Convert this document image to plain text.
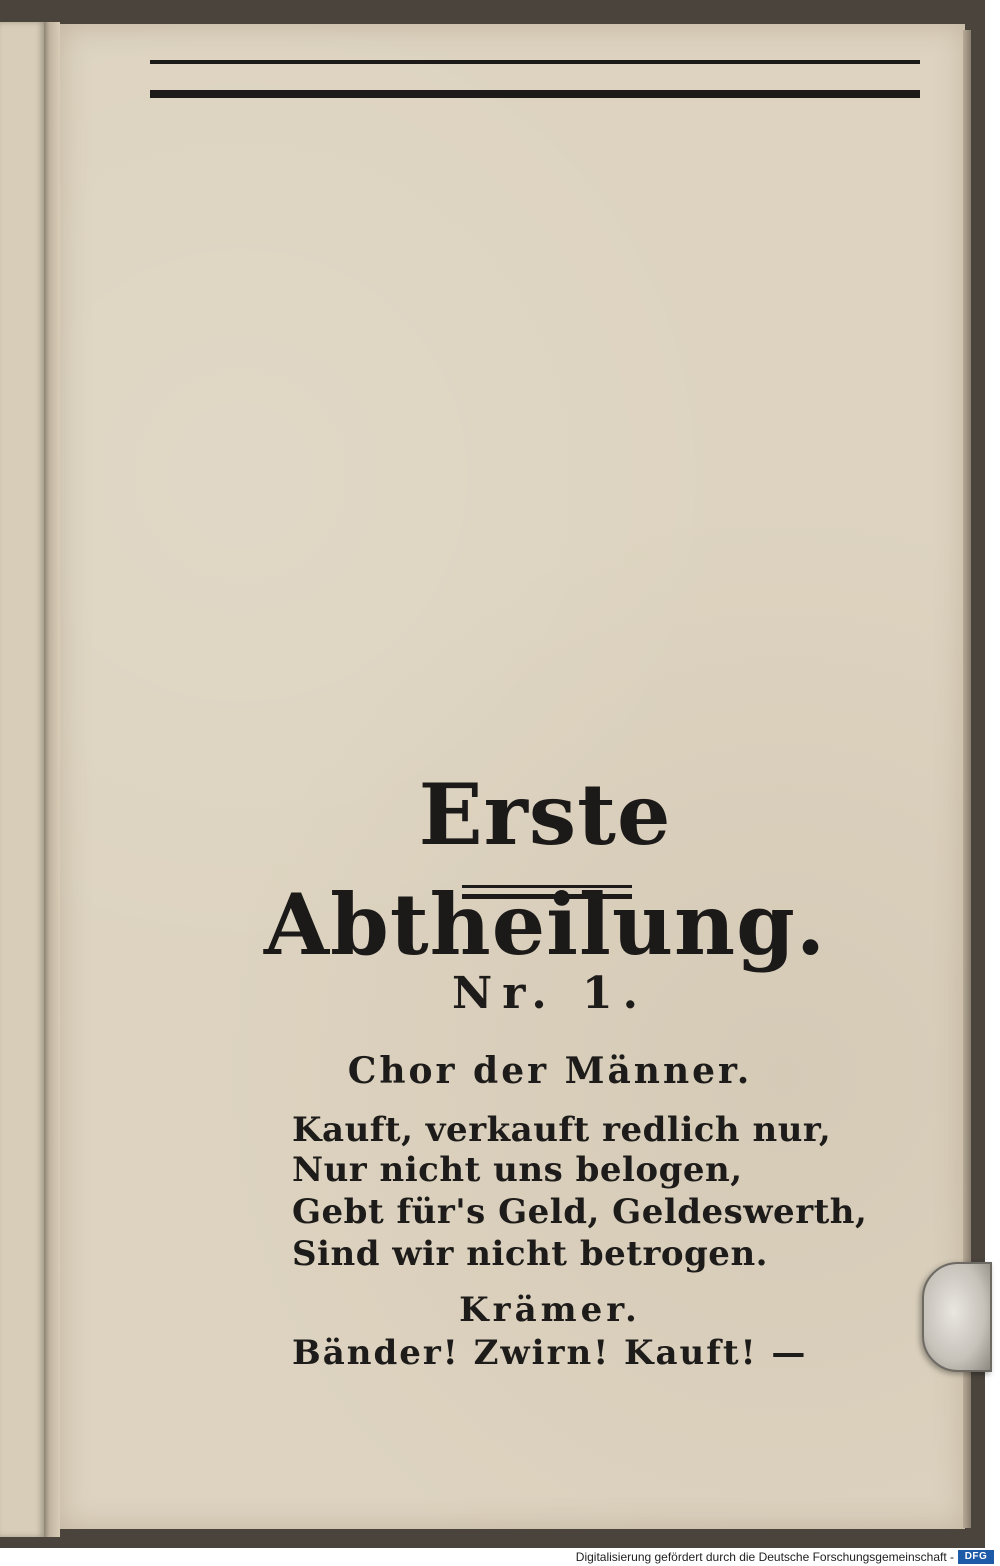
Erste Abtheilung.

Nr. 1.

Chor der Männer.

Kauft, verkauft redlich nur,

Nur nicht uns belogen,

Gebt für's Geld, Geldeswerth,

Sind wir nicht betrogen.

Krämer.

Bänder! Zwirn! Kauft! —

Digitalisierung gefördert durch die Deutsche Forschungsgemeinschaft -	DFG
